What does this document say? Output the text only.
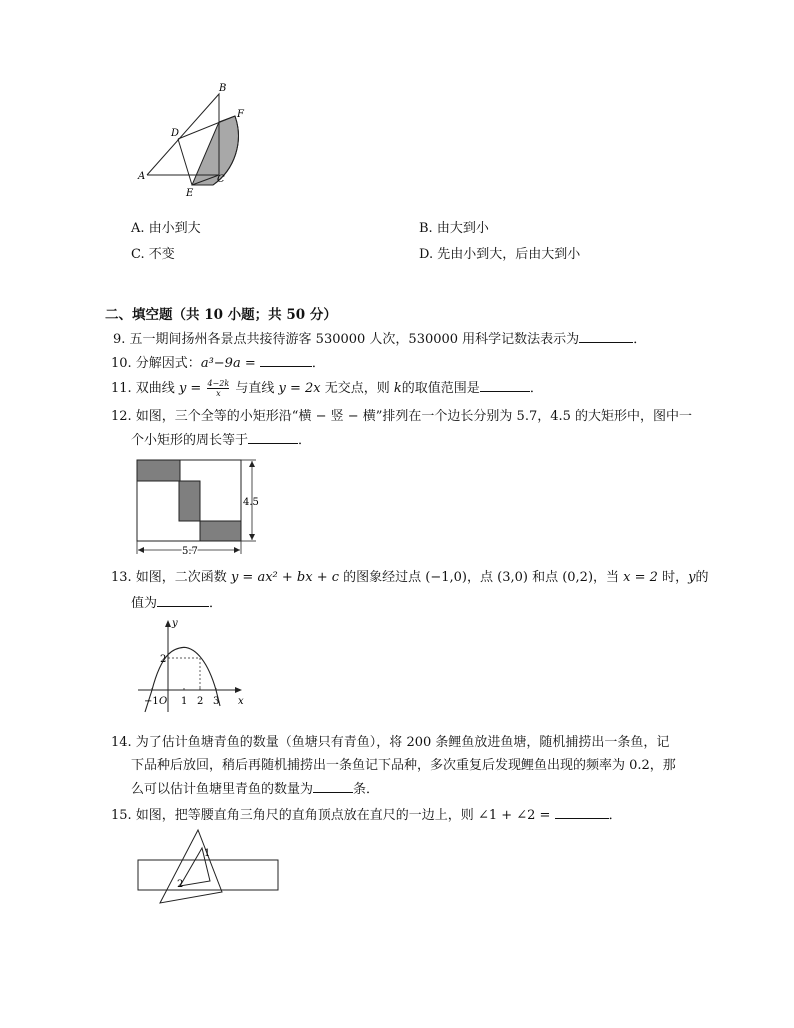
B
F
D
A	C
E
A. 由小到大	B. 由大到小
C. 不变	D. 先由小到大，后由大到小
二、填空题（共 10 小题；共 50 分）
9. 五一期间扬州各景点共接待游客 530000 人次，530000 用科学记数法表示为	．
10. 分解因式：a³−9a =	．
11. 双曲线 $y = \frac{4-2k}{x}$ 与直线 y = 2x 无交点，则 k的取值范围是	．
12. 如图，三个全等的小矩形沿“横 − 竖 − 横”排列在一个边长分别为 5.7，4.5 的大矩形中，图中一
个小矩形的周长等于	．
4.5
5.7
13. 如图，二次函数 y = ax² + bx + c 的图象经过点 (−1,0)，点 (3,0) 和点 (0,2)，当 x = 2 时，y的
值为	．
y
x
2
−1 O 1 2 3
14. 为了估计鱼塘青鱼的数量（鱼塘只有青鱼），将 200 条鲤鱼放进鱼塘，随机捕捞出一条鱼，记
下品种后放回，稍后再随机捕捞出一条鱼记下品种，多次重复后发现鲤鱼出现的频率为 0.2，那
么可以估计鱼塘里青鱼的数量为	条．
15. 如图，把等腰直角三角尺的直角顶点放在直尺的一边上，则 ∠1 + ∠2 =	．
1
2
